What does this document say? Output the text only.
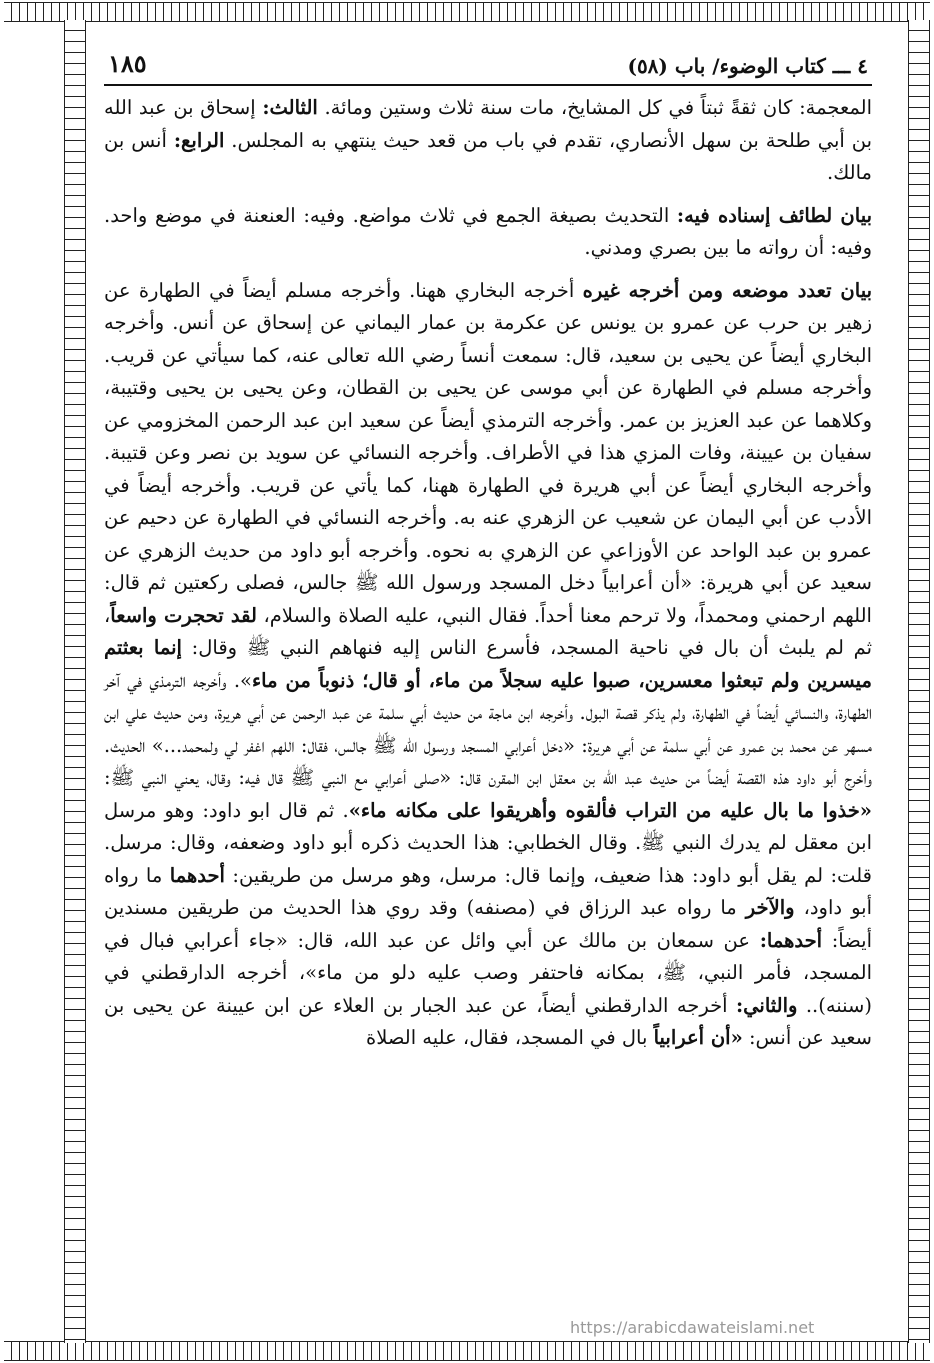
٤ ـــ كتاب الوضوء/ باب (٥٨)
١٨٥

المعجمة: كان ثقةً ثبتاً في كل المشايخ، مات سنة ثلاث وستين ومائة. الثالث: إسحاق بن عبد الله بن أبي طلحة بن سهل الأنصاري، تقدم في باب من قعد حيث ينتهي به المجلس. الرابع: أنس بن مالك.

بيان لطائف إسناده فيه: التحديث بصيغة الجمع في ثلاث مواضع. وفيه: العنعنة في موضع واحد. وفيه: أن رواته ما بين بصري ومدني.

بيان تعدد موضعه ومن أخرجه غيره أخرجه البخاري ههنا. وأخرجه مسلم أيضاً في الطهارة عن زهير بن حرب عن عمرو بن يونس عن عكرمة بن عمار اليماني عن إسحاق عن أنس. وأخرجه البخاري أيضاً عن يحيى بن سعيد، قال: سمعت أنساً رضي الله تعالى عنه، كما سيأتي عن قريب. وأخرجه مسلم في الطهارة عن أبي موسى عن يحيى بن القطان، وعن يحيى بن يحيى وقتيبة، وكلاهما عن عبد العزيز بن عمر. وأخرجه الترمذي أيضاً عن سعيد ابن عبد الرحمن المخزومي عن سفيان بن عيينة، وفات المزي هذا في الأطراف. وأخرجه النسائي عن سويد بن نصر وعن قتيبة. وأخرجه البخاري أيضاً عن أبي هريرة في الطهارة ههنا، كما يأتي عن قريب. وأخرجه أيضاً في الأدب عن أبي اليمان عن شعيب عن الزهري عنه به. وأخرجه النسائي في الطهارة عن دحيم عن عمرو بن عبد الواحد عن الأوزاعي عن الزهري به نحوه. وأخرجه أبو داود من حديث الزهري عن سعيد عن أبي هريرة: «أن أعرابياً دخل المسجد ورسول الله ﷺ جالس، فصلى ركعتين ثم قال: اللهم ارحمني ومحمداً، ولا ترحم معنا أحداً. فقال النبي، عليه الصلاة والسلام، لقد تحجرت واسعاً، ثم لم يلبث أن بال في ناحية المسجد، فأسرع الناس إليه فنهاهم النبي ﷺ وقال: إنما بعثتم ميسرين ولم تبعثوا معسرين، صبوا عليه سجلاً من ماء، أو قال؛ ذنوباً من ماء». وأخرجه الترمذي في آخر الطهارة، والنسائي أيضاً في الطهارة، ولم يذكر قصة البول. وأخرجه ابن ماجة من حديث أبي سلمة عن عبد الرحمن عن أبي هريرة، ومن حديث علي ابن مسهر عن محمد بن عمرو عن أبي سلمة عن أبي هريرة: «دخل أعرابي المسجد ورسول الله ﷺ جالس، فقال: اللهم اغفر لي ولمحمد...» الحديث. وأخرج أبو داود هذه القصة أيضاً من حديث عبد الله بن معقل ابن المقرن قال: «صلى أعرابي مع النبي ﷺ قال فيه: وقال، يعني النبي ﷺ: «خذوا ما بال عليه من التراب فألقوه وأهريقوا على مكانه ماء». ثم قال ابو داود: وهو مرسل ابن معقل لم يدرك النبي ﷺ. وقال الخطابي: هذا الحديث ذكره أبو داود وضعفه، وقال: مرسل. قلت: لم يقل أبو داود: هذا ضعيف، وإنما قال: مرسل، وهو مرسل من طريقين: أحدهما ما رواه أبو داود، والآخر ما رواه عبد الرزاق في (مصنفه) وقد روي هذا الحديث من طريقين مسندين أيضاً: أحدهما: عن سمعان بن مالك عن أبي وائل عن عبد الله، قال: «جاء أعرابي فبال في المسجد، فأمر النبي، ﷺ، بمكانه فاحتفر وصب عليه دلو من ماء»، أخرجه الدارقطني في (سننه).. والثاني: أخرجه الدارقطني أيضاً، عن عبد الجبار بن العلاء عن ابن عيينة عن يحيى بن سعيد عن أنس: «أن أعرابياً بال في المسجد، فقال، عليه الصلاة

https://arabicdawateislami.net
